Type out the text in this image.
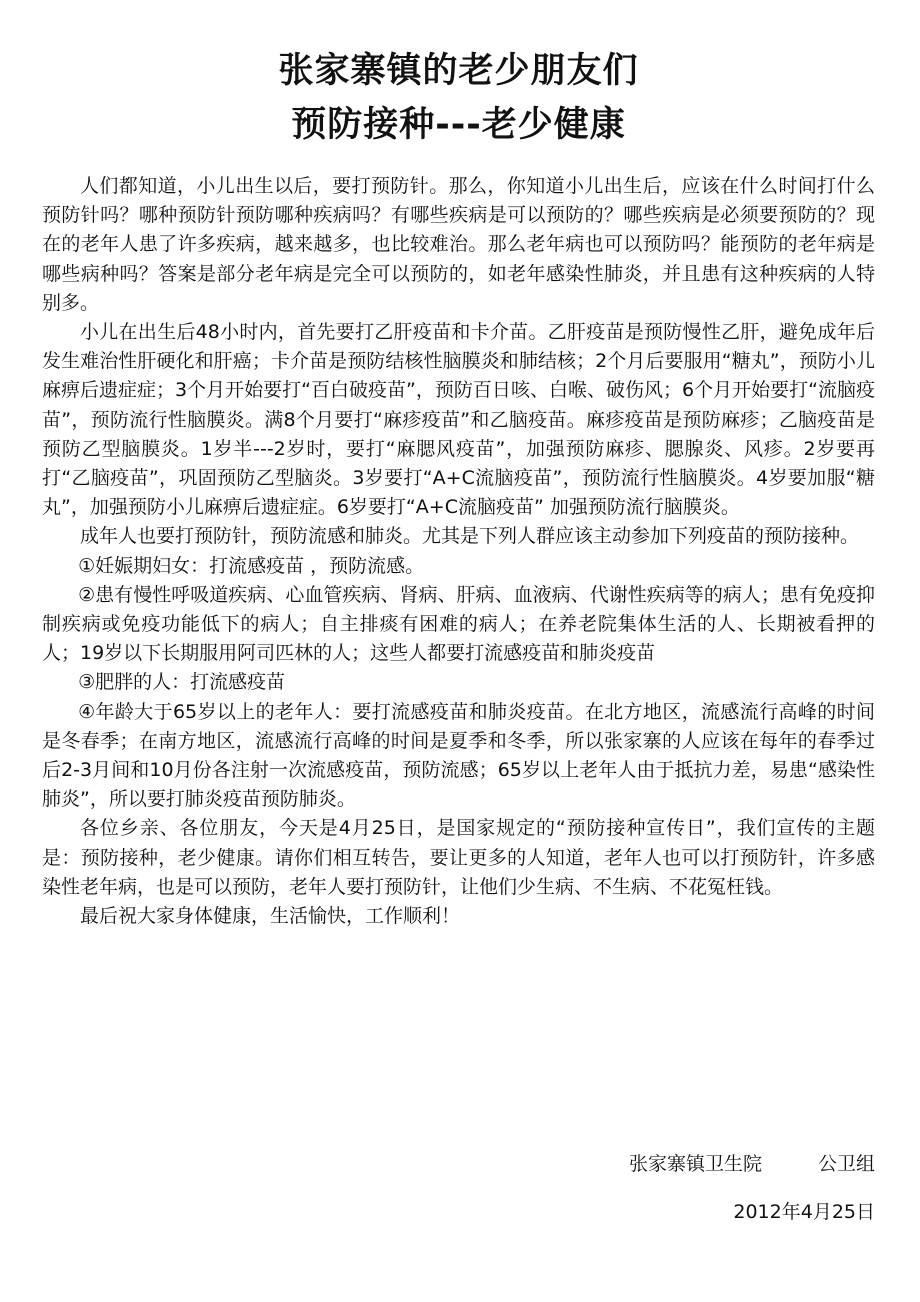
张家寨镇的老少朋友们
预防接种---老少健康

人们都知道，小儿出生以后，要打预防针。那么，你知道小儿出生后，应该在什么时间打什么预防针吗？哪种预防针预防哪种疾病吗？有哪些疾病是可以预防的？哪些疾病是必须要预防的？现在的老年人患了许多疾病，越来越多，也比较难治。那么老年病也可以预防吗？能预防的老年病是哪些病种吗？答案是部分老年病是完全可以预防的，如老年感染性肺炎，并且患有这种疾病的人特别多。

小儿在出生后48小时内，首先要打乙肝疫苗和卡介苗。乙肝疫苗是预防慢性乙肝，避免成年后发生难治性肝硬化和肝癌；卡介苗是预防结核性脑膜炎和肺结核；2个月后要服用“糖丸”，预防小儿麻痹后遗症症；3个月开始要打“百白破疫苗”，预防百日咳、白喉、破伤风；6个月开始要打“流脑疫苗”，预防流行性脑膜炎。满8个月要打“麻疹疫苗”和乙脑疫苗。麻疹疫苗是预防麻疹；乙脑疫苗是预防乙型脑膜炎。1岁半---2岁时，要打“麻腮风疫苗”，加强预防麻疹、腮腺炎、风疹。2岁要再打“乙脑疫苗”，巩固预防乙型脑炎。3岁要打“A+C流脑疫苗”，预防流行性脑膜炎。4岁要加服“糖丸”，加强预防小儿麻痹后遗症症。6岁要打“A+C流脑疫苗” 加强预防流行脑膜炎。

成年人也要打预防针，预防流感和肺炎。尤其是下列人群应该主动参加下列疫苗的预防接种。

①妊娠期妇女：打流感疫苗 ，预防流感。

②患有慢性呼吸道疾病、心血管疾病、肾病、肝病、血液病、代谢性疾病等的病人；患有免疫抑制疾病或免疫功能低下的病人；自主排痰有困难的病人；在养老院集体生活的人、长期被看押的人；19岁以下长期服用阿司匹林的人；这些人都要打流感疫苗和肺炎疫苗

③肥胖的人：打流感疫苗

④年龄大于65岁以上的老年人：要打流感疫苗和肺炎疫苗。在北方地区，流感流行高峰的时间是冬春季；在南方地区，流感流行高峰的时间是夏季和冬季，所以张家寨的人应该在每年的春季过后2-3月间和10月份各注射一次流感疫苗，预防流感；65岁以上老年人由于抵抗力差，易患“感染性肺炎”，所以要打肺炎疫苗预防肺炎。

各位乡亲、各位朋友，今天是4月25日，是国家规定的“预防接种宣传日”，我们宣传的主题是：预防接种，老少健康。请你们相互转告，要让更多的人知道，老年人也可以打预防针，许多感染性老年病，也是可以预防，老年人要打预防针，让他们少生病、不生病、不花冤枉钱。

最后祝大家身体健康，生活愉快，工作顺利！

张家寨镇卫生院	公卫组
2012年4月25日
